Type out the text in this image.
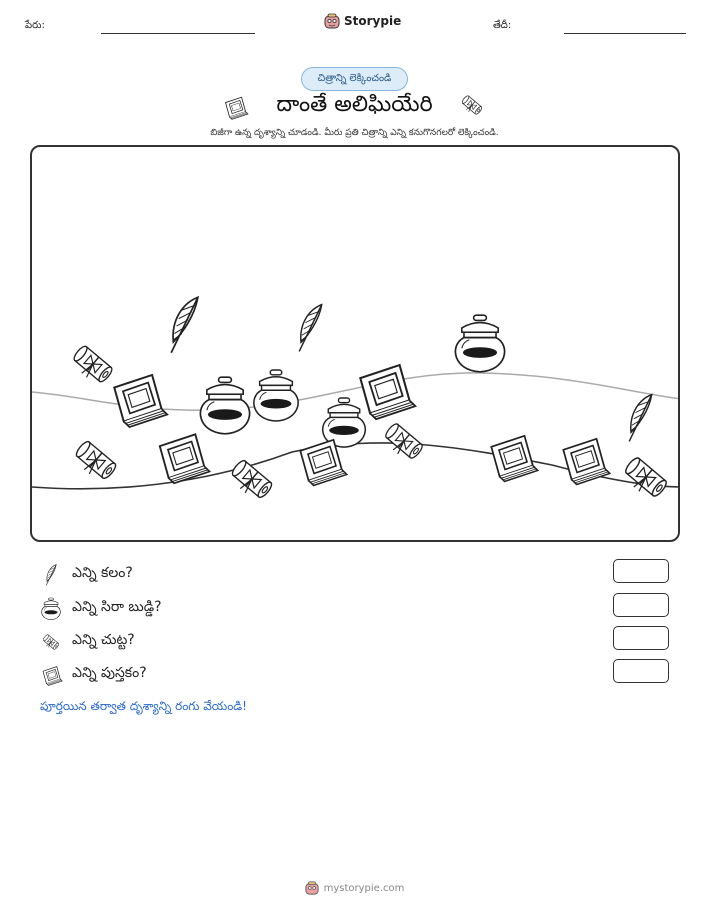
పేరు:	Storypie	తేదీ:
చిత్రాన్ని లెక్కించండి
దాంతే అలిఘియేరి
బిజీగా ఉన్న దృశ్యాన్ని చూడండి. మీరు ప్రతి చిత్రాన్ని ఎన్ని కనుగొనగలరో లెక్కించండి.
ఎన్ని కలం?
ఎన్ని సిరా బుడ్డి?
ఎన్ని చుట్ట?
ఎన్ని పుస్తకం?
పూర్తయిన తర్వాత దృశ్యాన్ని రంగు వేయండి!
mystorypie.com
